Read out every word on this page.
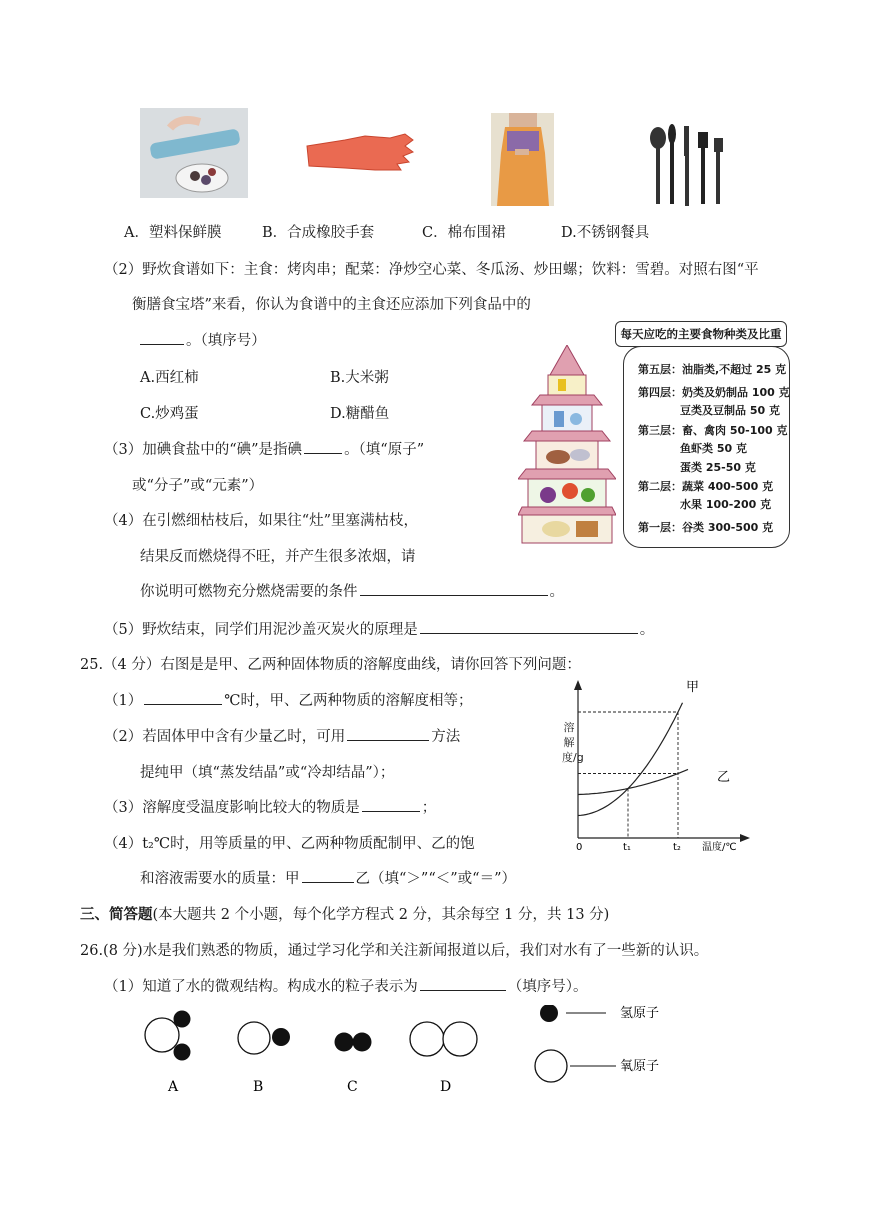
A．塑料保鲜膜	B．合成橡胶手套	C．棉布围裙	D.不锈钢餐具
（2）野炊食谱如下：主食：烤肉串；配菜：净炒空心菜、冬瓜汤、炒田螺；饮料：雪碧。对照右图“平
衡膳食宝塔”来看，你认为食谱中的主食还应添加下列食品中的
。（填序号）
A.西红柿	B.大米粥
C.炒鸡蛋	D.糖醋鱼
每天应吃的主要食物种类及比重
第五层：油脂类,不超过 25 克
第四层：奶类及奶制品 100 克
豆类及豆制品 50 克
第三层：畜、禽肉 50-100 克
鱼虾类 50 克
蛋类 25-50 克
第二层：蔬菜 400-500 克
水果 100-200 克
第一层：谷类 300-500 克
（3）加碘食盐中的“碘”是指碘	。（填“原子”
或“分子”或“元素”）
（4）在引燃细枯枝后，如果往“灶”里塞满枯枝，
结果反而燃烧得不旺，并产生很多浓烟，请
你说明可燃物充分燃烧需要的条件	。
（5）野炊结束，同学们用泥沙盖灭炭火的原理是	。
25.（4 分）右图是是甲、乙两种固体物质的溶解度曲线，请你回答下列问题：
（1）	℃时，甲、乙两种物质的溶解度相等；
（2）若固体甲中含有少量乙时，可用	方法
提纯甲（填“蒸发结晶”或“冷却结晶”）；
（3）溶解度受温度影响比较大的物质是	；
（4）t₂℃时，用等质量的甲、乙两种物质配制甲、乙的饱
和溶液需要水的质量：甲	乙（填“＞”“＜”或“＝”）
甲
乙
0	t₁	t₂ 温度/℃
溶解度/g
三、简答题(本大题共 2 个小题，每个化学方程式 2 分，其余每空 1 分，共 13 分)
26.(8 分)水是我们熟悉的物质，通过学习化学和关注新闻报道以后，我们对水有了一些新的认识。
（1）知道了水的微观结构。构成水的粒子表示为	（填序号）。
A	B	C	D
氢原子
氧原子
